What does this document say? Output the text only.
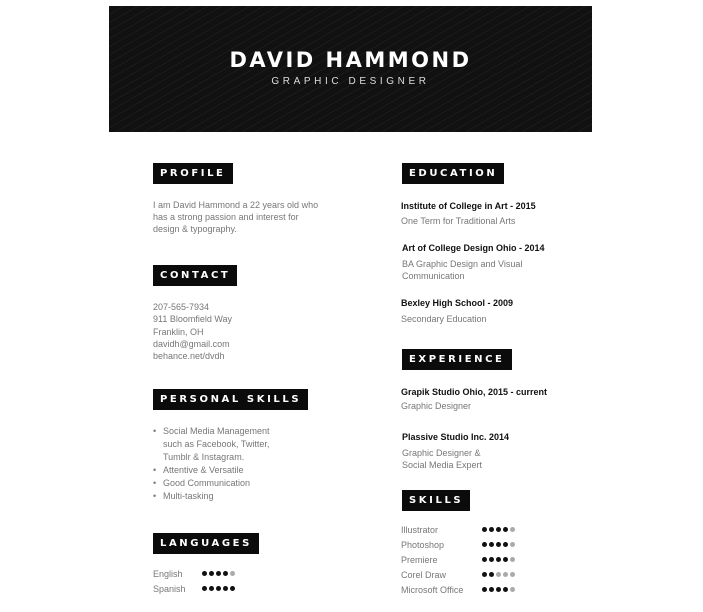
DAVID HAMMOND
GRAPHIC DESIGNER
PROFILE
I am David Hammond a 22 years old who
has a strong passion and interest for
design & typography.
CONTACT
207-565-7934
911 Bloomfield Way
Franklin, OH
davidh@gmail.com
behance.net/dvdh
PERSONAL SKILLS
• Social Media Management
such as Facebook, Twitter,
Tumblr & Instagram.
• Attentive & Versatile
• Good Communication
• Multi-tasking
LANGUAGES
English
Spanish
EDUCATION
Institute of College in Art - 2015
One Term for Traditional Arts
Art of College Design Ohio - 2014
BA Graphic Design and Visual
Communication
Bexley High School - 2009
Secondary Education
EXPERIENCE
Grapik Studio Ohio, 2015 - current
Graphic Designer
Plassive Studio Inc. 2014
Graphic Designer &
Social Media Expert
SKILLS
Illustrator
Photoshop
Premiere
Corel Draw
Microsoft Office
